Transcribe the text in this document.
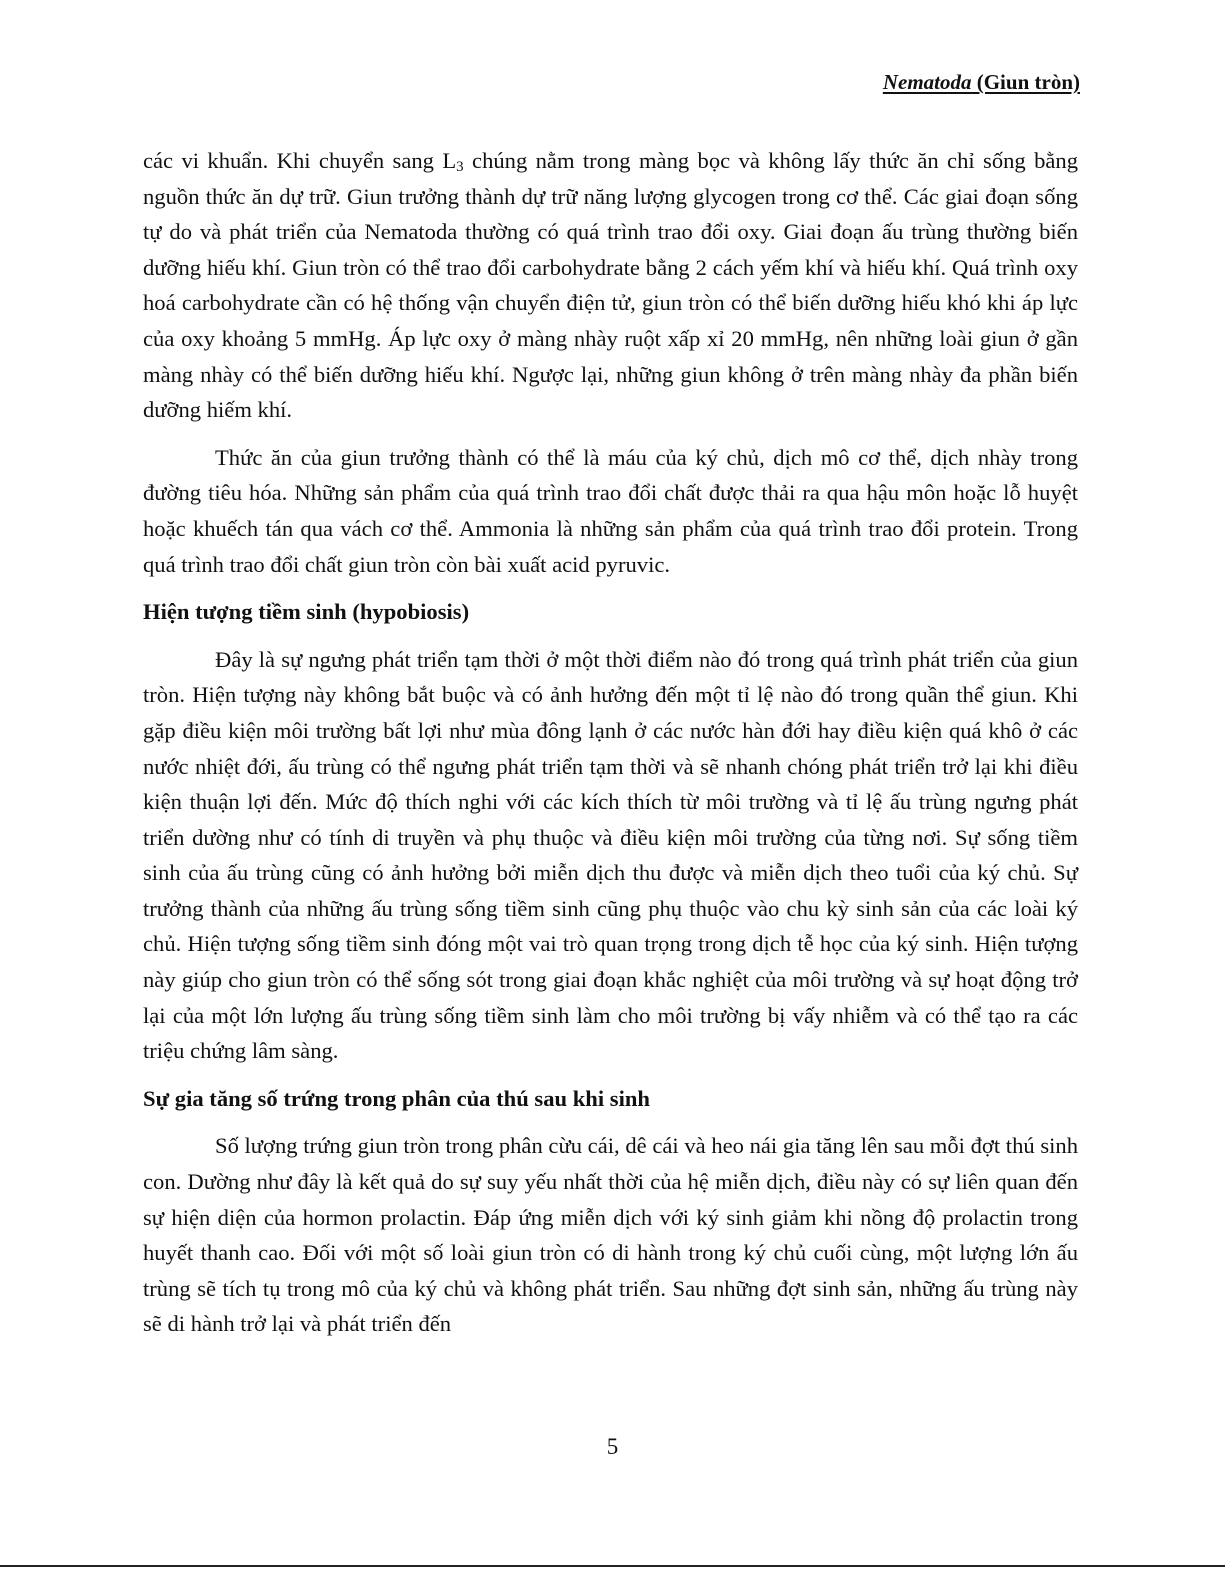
Nematoda (Giun tròn)

các vi khuẩn. Khi chuyển sang $L_3$ chúng nằm trong màng bọc và không lấy thức ăn chỉ sống bằng nguồn thức ăn dự trữ. Giun trưởng thành dự trữ năng lượng glycogen trong cơ thể. Các giai đoạn sống tự do và phát triển của Nematoda thường có quá trình trao đổi oxy. Giai đoạn ấu trùng thường biến dưỡng hiếu khí. Giun tròn có thể trao đổi carbohydrate bằng 2 cách yếm khí và hiếu khí. Quá trình oxy hoá carbohydrate cần có hệ thống vận chuyển điện tử, giun tròn có thể biến dưỡng hiếu khó khi áp lực của oxy khoảng 5 mmHg. Áp lực oxy ở màng nhày ruột xấp xỉ 20 mmHg, nên những loài giun ở gần màng nhày có thể biến dưỡng hiếu khí. Ngược lại, những giun không ở trên màng nhày đa phần biến dưỡng hiếm khí.

Thức ăn của giun trưởng thành có thể là máu của ký chủ, dịch mô cơ thể, dịch nhày trong đường tiêu hóa. Những sản phẩm của quá trình trao đổi chất được thải ra qua hậu môn hoặc lỗ huyệt hoặc khuếch tán qua vách cơ thể. Ammonia là những sản phẩm của quá trình trao đổi protein. Trong quá trình trao đổi chất giun tròn còn bài xuất acid pyruvic.

Hiện tượng tiềm sinh (hypobiosis)

Đây là sự ngưng phát triển tạm thời ở một thời điểm nào đó trong quá trình phát triển của giun tròn. Hiện tượng này không bắt buộc và có ảnh hưởng đến một tỉ lệ nào đó trong quần thể giun. Khi gặp điều kiện môi trường bất lợi như mùa đông lạnh ở các nước hàn đới hay điều kiện quá khô ở các nước nhiệt đới, ấu trùng có thể ngưng phát triển tạm thời và sẽ nhanh chóng phát triển trở lại khi điều kiện thuận lợi đến. Mức độ thích nghi với các kích thích từ môi trường và tỉ lệ ấu trùng ngưng phát triển dường như có tính di truyền và phụ thuộc và điều kiện môi trường của từng nơi. Sự sống tiềm sinh của ấu trùng cũng có ảnh hưởng bởi miễn dịch thu được và miễn dịch theo tuổi của ký chủ. Sự trưởng thành của những ấu trùng sống tiềm sinh cũng phụ thuộc vào chu kỳ sinh sản của các loài ký chủ. Hiện tượng sống tiềm sinh đóng một vai trò quan trọng trong dịch tễ học của ký sinh. Hiện tượng này giúp cho giun tròn có thể sống sót trong giai đoạn khắc nghiệt của môi trường và sự hoạt động trở lại của một lớn lượng ấu trùng sống tiềm sinh làm cho môi trường bị vấy nhiễm và có thể tạo ra các triệu chứng lâm sàng.

Sự gia tăng số trứng trong phân của thú sau khi sinh

Số lượng trứng giun tròn trong phân cừu cái, dê cái và heo nái gia tăng lên sau mỗi đợt thú sinh con. Dường như đây là kết quả do sự suy yếu nhất thời của hệ miễn dịch, điều này có sự liên quan đến sự hiện diện của hormon prolactin. Đáp ứng miễn dịch với ký sinh giảm khi nồng độ prolactin trong huyết thanh cao. Đối với một số loài giun tròn có di hành trong ký chủ cuối cùng, một lượng lớn ấu trùng sẽ tích tụ trong mô của ký chủ và không phát triển. Sau những đợt sinh sản, những ấu trùng này sẽ di hành trở lại và phát triển đến

5
